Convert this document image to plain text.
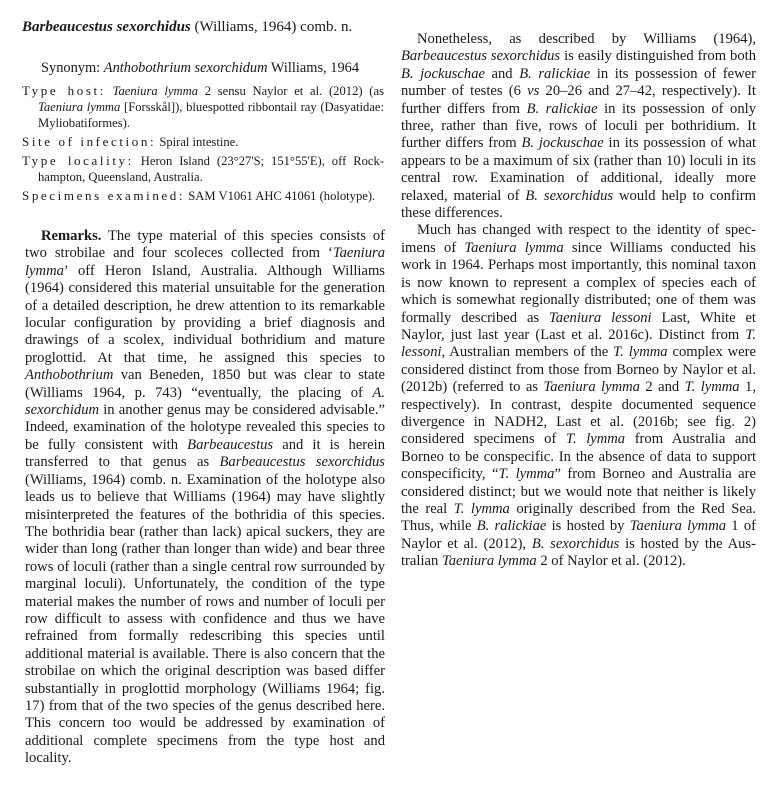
Barbeaucestus sexorchidus (Williams, 1964) comb. n.

Synonym: Anthobothrium sexorchidum Williams, 1964

Type host: Taeniura lymma 2 sensu Naylor et al. (2012) (as Taeniura lymma [Forsskål]), bluespotted ribbontail ray (Dasyatidae: Myliobatiformes).

Site of infection: Spiral intestine.

Type locality: Heron Island (23°27'S; 151°55'E), off Rockhampton, Queensland, Australia.

Specimens examined: SAM V1061 AHC 41061 (holotype).

Remarks. The type material of this species consists of two strobilae and four scoleces collected from ‘Taeniura lymma’ off Heron Island, Australia. Although Williams (1964) considered this material unsuitable for the generation of a detailed description, he drew attention to its remarkable locular configuration by providing a brief diagnosis and drawings of a scolex, individual bothridium and mature proglottid. At that time, he assigned this species to Anthobothrium van Beneden, 1850 but was clear to state (Williams 1964, p. 743) “eventually, the placing of A. sexorchidum in another genus may be considered advisable.” Indeed, examination of the holotype revealed this species to be fully consistent with Barbeaucestus and it is herein transferred to that genus as Barbeaucestus sexorchidus (Williams, 1964) comb. n. Examination of the holotype also leads us to believe that Williams (1964) may have slightly misinterpreted the features of the bothridia of this species. The bothridia bear (rather than lack) apical suckers, they are wider than long (rather than longer than wide) and bear three rows of loculi (rather than a single central row surrounded by marginal loculi). Unfortunately, the condition of the type material makes the number of rows and number of loculi per row difficult to assess with confidence and thus we have refrained from formally redescribing this species until additional material is available. There is also concern that the strobilae on which the original description was based differ substantially in proglottid morphology (Williams 1964; fig. 17) from that of the two species of the genus described here. This concern too would be addressed by examination of additional complete specimens from the type host and locality.

Nonetheless, as described by Williams (1964), Barbeaucestus sexorchidus is easily distinguished from both B. jockuschae and B. ralickiae in its possession of fewer number of testes (6 vs 20–26 and 27–42, respectively). It further differs from B. ralickiae in its possession of only three, rather than five, rows of loculi per bothridium. It further differs from B. jockuschae in its possession of what appears to be a maximum of six (rather than 10) loculi in its central row. Examination of additional, ideally more relaxed, material of B. sexorchidus would help to confirm these differences.

Much has changed with respect to the identity of specimens of Taeniura lymma since Williams conducted his work in 1964. Perhaps most importantly, this nominal taxon is now known to represent a complex of species each of which is somewhat regionally distributed; one of them was formally described as Taeniura lessoni Last, White et Naylor, just last year (Last et al. 2016c). Distinct from T. lessoni, Australian members of the T. lymma complex were considered distinct from those from Borneo by Naylor et al. (2012b) (referred to as Taeniura lymma 2 and T. lymma 1, respectively). In contrast, despite documented sequence divergence in NADH2, Last et al. (2016b; see fig. 2) considered specimens of T. lymma from Australia and Borneo to be conspecific. In the absence of data to support conspecificity, “T. lymma” from Borneo and Australia are considered distinct; but we would note that neither is likely the real T. lymma originally described from the Red Sea. Thus, while B. ralickiae is hosted by Taeniura lymma 1 of Naylor et al. (2012), B. sexorchidus is hosted by the Australian Taeniura lymma 2 of Naylor et al. (2012).
